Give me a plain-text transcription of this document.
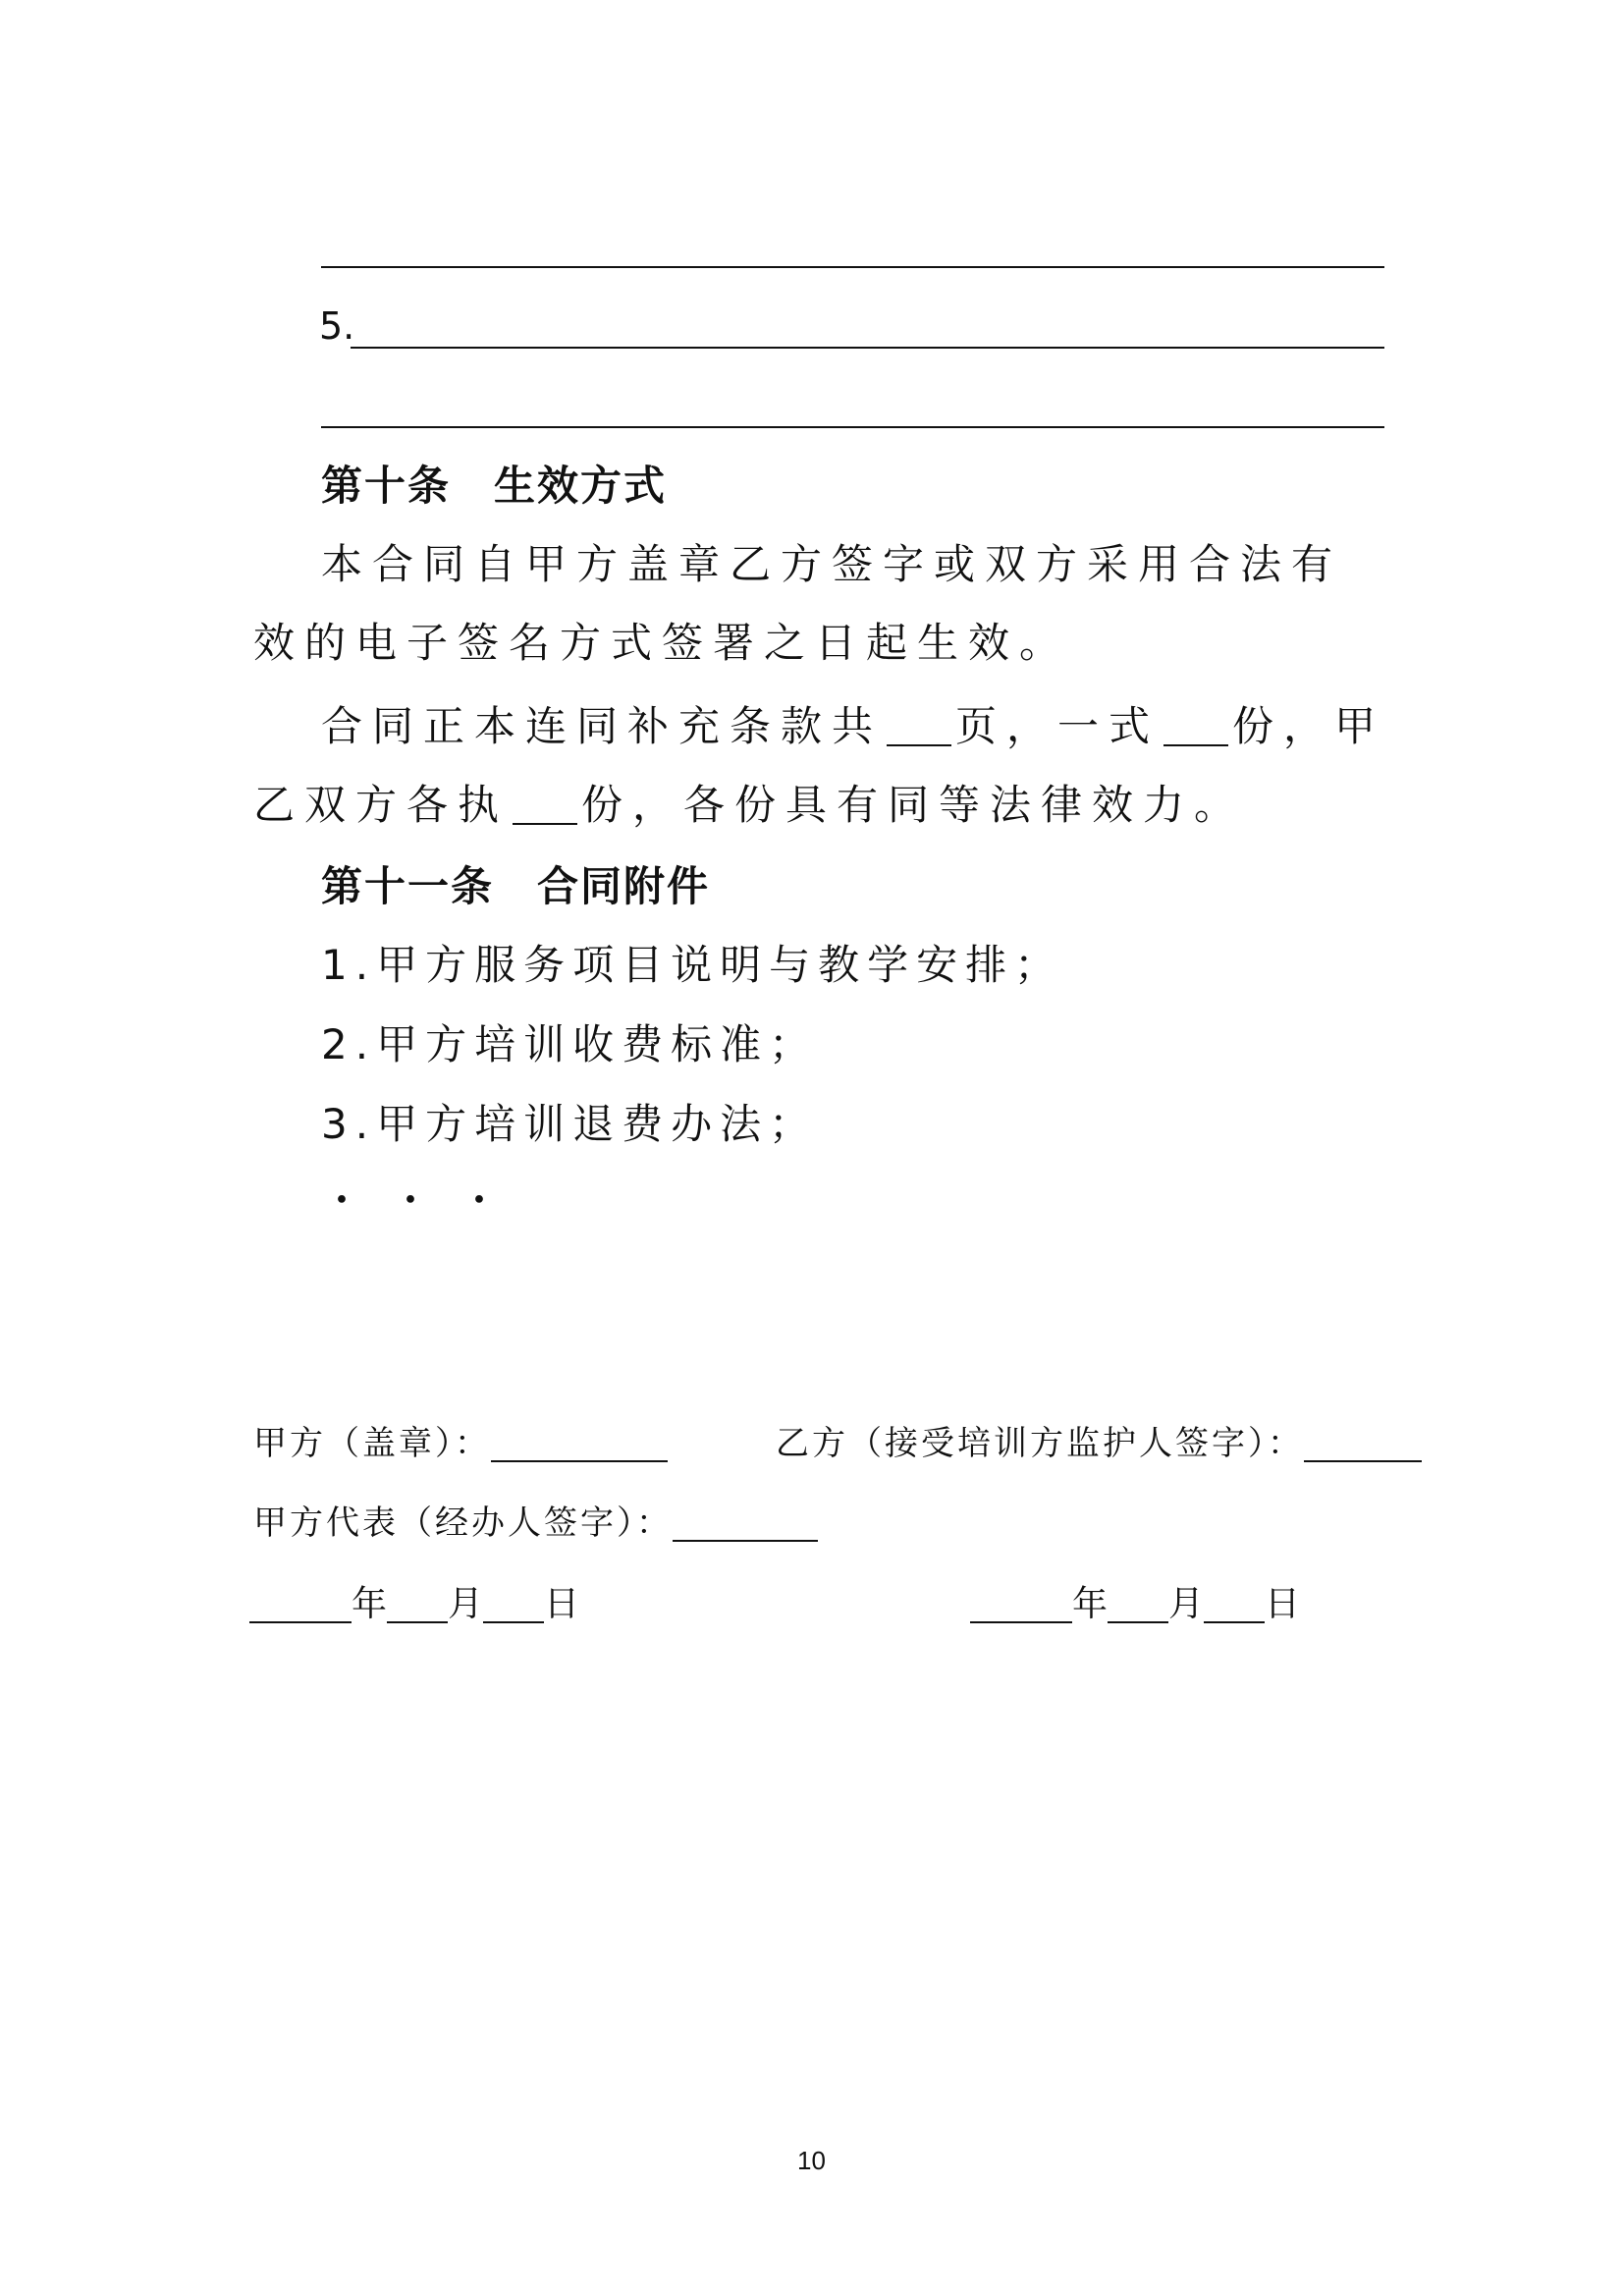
5.
第十条　生效方式

本合同自甲方盖章乙方签字或双方采用合法有效的电子签名方式签署之日起生效。

合同正本连同补充条款共 页，一式 份，甲乙双方各执 份，各份具有同等法律效力。

第十一条　合同附件
1.甲方服务项目说明与教学安排；
2.甲方培训收费标准；
3.甲方培训退费办法；
・・・
甲方（盖章）：	乙方（接受培训方监护人签字）：
甲方代表（经办人签字）：
年 月 日	年 月 日
10
